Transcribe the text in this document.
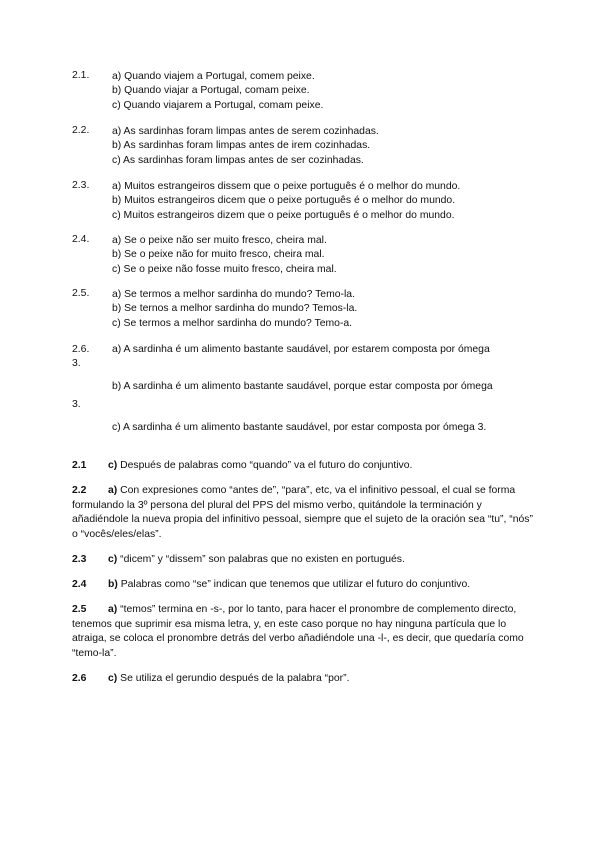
2.1. a) Quando viajem a Portugal, comem peixe.
b) Quando viajar a Portugal, comam peixe.
c) Quando viajarem a Portugal, comam peixe.
2.2. a) As sardinhas foram limpas antes de serem cozinhadas.
b) As sardinhas foram limpas antes de irem cozinhadas.
c) As sardinhas foram limpas antes de ser cozinhadas.
2.3. a) Muitos estrangeiros dissem que o peixe português é o melhor do mundo.
b) Muitos estrangeiros dicem que o peixe português é o melhor do mundo.
c) Muitos estrangeiros dizem que o peixe português é o melhor do mundo.
2.4. a) Se o peixe não ser muito fresco, cheira mal.
b) Se o peixe não for muito fresco, cheira mal.
c) Se o peixe não fosse muito fresco, cheira mal.
2.5. a) Se termos a melhor sardinha do mundo? Temo-la.
b) Se ternos a melhor sardinha do mundo? Temos-la.
c) Se termos a melhor sardinha do mundo? Temo-a.
2.6. a) A sardinha é um alimento bastante saudável, por estarem composta por ómega
3.
b) A sardinha é um alimento bastante saudável, porque estar composta por ómega
3.
c) A sardinha é um alimento bastante saudável, por estar composta por ómega 3.
2.1 c) Después de palabras como “quando” va el futuro do conjuntivo.
2.2 a) Con expresiones como “antes de”, “para”, etc, va el infinitivo pessoal, el cual se forma formulando la 3º persona del plural del PPS del mismo verbo, quitándole la terminación y añadiéndole la nueva propia del infinitivo pessoal, siempre que el sujeto de la oración sea “tu”, “nós” o “vocês/eles/elas”.
2.3 c) “dicem” y “dissem” son palabras que no existen en portugués.
2.4 b) Palabras como “se” indican que tenemos que utilizar el futuro do conjuntivo.
2.5 a) “temos” termina en -s-, por lo tanto, para hacer el pronombre de complemento directo, tenemos que suprimir esa misma letra, y, en este caso porque no hay ninguna partícula que lo atraiga, se coloca el pronombre detrás del verbo añadiéndole una -l-, es decir, que quedaría como “temo-la”.
2.6 c) Se utiliza el gerundio después de la palabra “por”.
